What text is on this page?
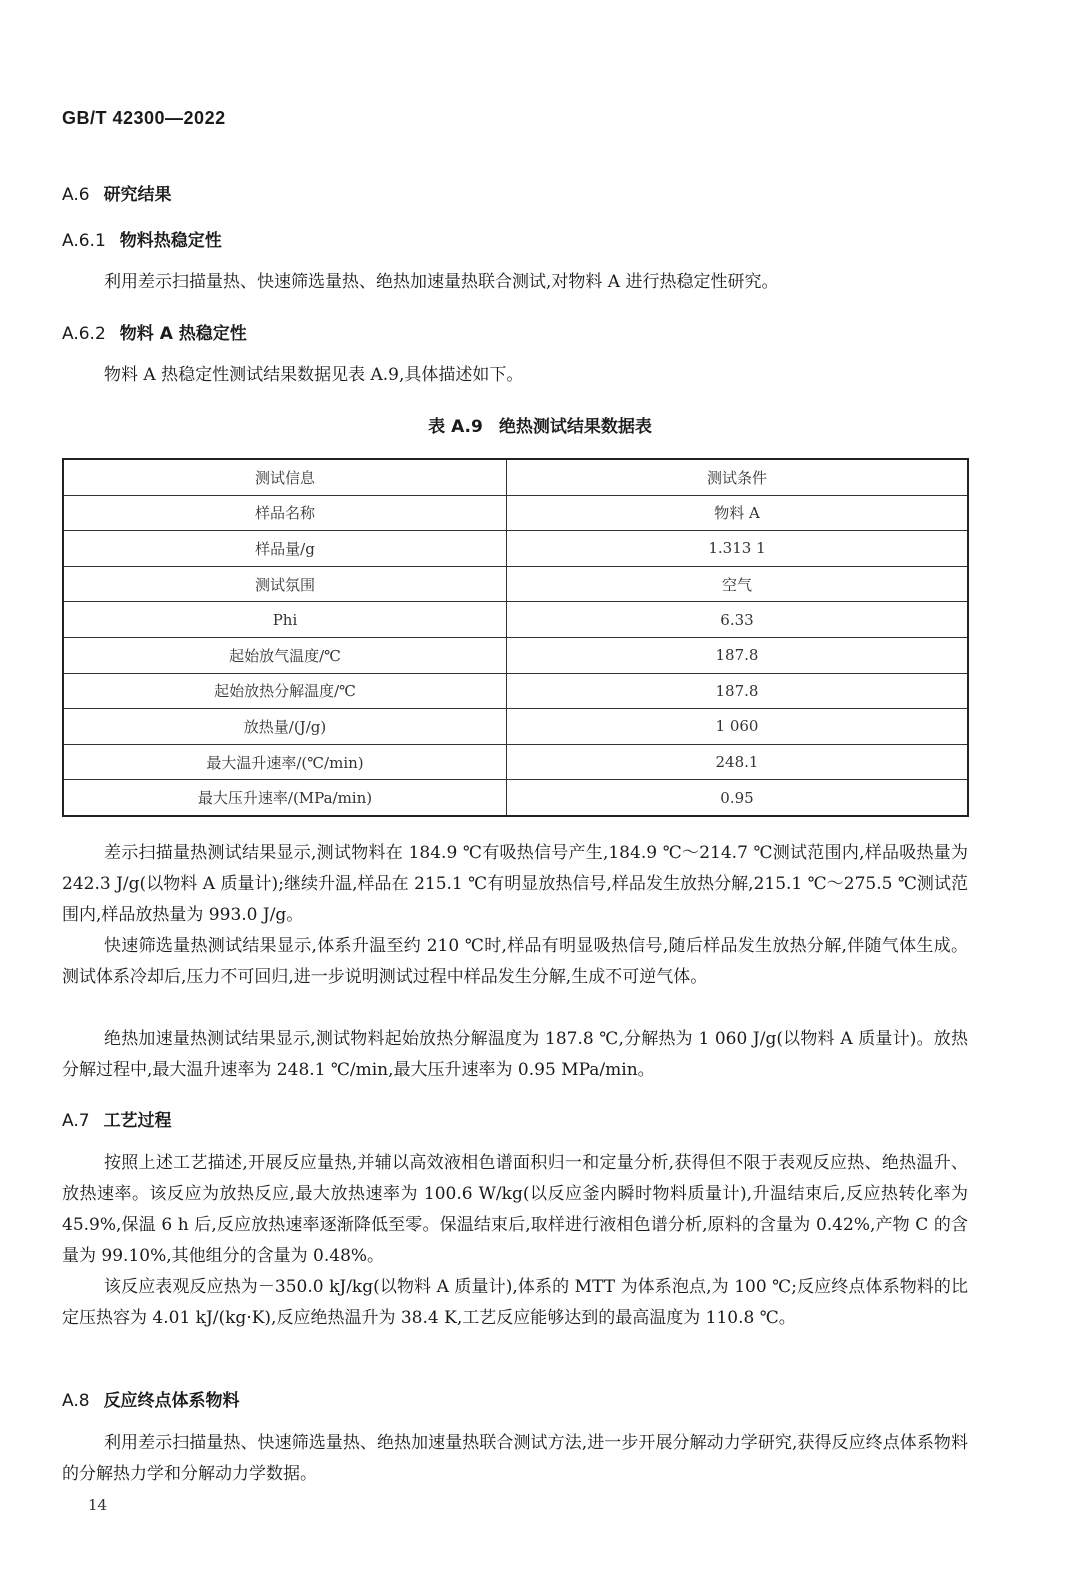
GB/T 42300—2022
A.6 研究结果
A.6.1 物料热稳定性

利用差示扫描量热、快速筛选量热、绝热加速量热联合测试,对物料 A 进行热稳定性研究。

A.6.2 物料 A 热稳定性

物料 A 热稳定性测试结果数据见表 A.9,具体描述如下。

表 A.9 绝热测试结果数据表
测试信息	测试条件
样品名称	物料 A
样品量/g	1.313 1
测试氛围	空气
Phi	6.33
起始放气温度/℃	187.8
起始放热分解温度/℃	187.8
放热量/(J/g)	1 060
最大温升速率/(℃/min)	248.1
最大压升速率/(MPa/min)	0.95

差示扫描量热测试结果显示,测试物料在 184.9 ℃有吸热信号产生,184.9 ℃～214.7 ℃测试范围内,样品吸热量为 242.3 J/g(以物料 A 质量计);继续升温,样品在 215.1 ℃有明显放热信号,样品发生放热分解,215.1 ℃～275.5 ℃测试范围内,样品放热量为 993.0 J/g。

快速筛选量热测试结果显示,体系升温至约 210 ℃时,样品有明显吸热信号,随后样品发生放热分解,伴随气体生成。测试体系冷却后,压力不可回归,进一步说明测试过程中样品发生分解,生成不可逆气体。

绝热加速量热测试结果显示,测试物料起始放热分解温度为 187.8 ℃,分解热为 1 060 J/g(以物料 A 质量计)。放热分解过程中,最大温升速率为 248.1 ℃/min,最大压升速率为 0.95 MPa/min。

A.7 工艺过程

按照上述工艺描述,开展反应量热,并辅以高效液相色谱面积归一和定量分析,获得但不限于表观反应热、绝热温升、放热速率。该反应为放热反应,最大放热速率为 100.6 W/kg(以反应釜内瞬时物料质量计),升温结束后,反应热转化率为 45.9%,保温 6 h 后,反应放热速率逐渐降低至零。保温结束后,取样进行液相色谱分析,原料的含量为 0.42%,产物 C 的含量为 99.10%,其他组分的含量为 0.48%。

该反应表观反应热为－350.0 kJ/kg(以物料 A 质量计),体系的 MTT 为体系泡点,为 100 ℃;反应终点体系物料的比定压热容为 4.01 kJ/(kg·K),反应绝热温升为 38.4 K,工艺反应能够达到的最高温度为 110.8 ℃。

A.8 反应终点体系物料

利用差示扫描量热、快速筛选量热、绝热加速量热联合测试方法,进一步开展分解动力学研究,获得反应终点体系物料的分解热力学和分解动力学数据。

14
